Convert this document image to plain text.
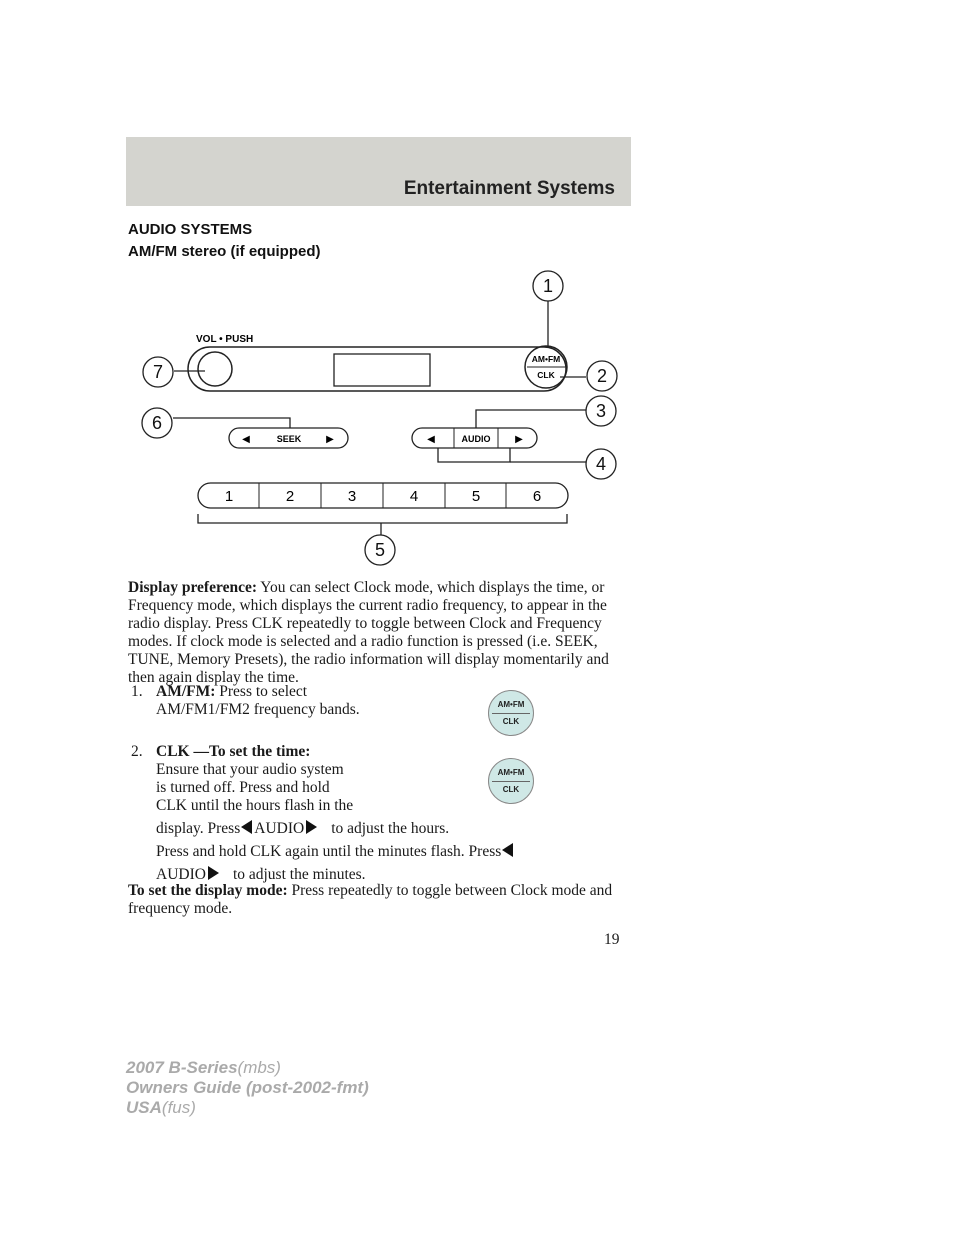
Entertainment Systems
AUDIO SYSTEMS
AM/FM stereo (if equipped)
VOL • PUSH
AM•FM
CLK
◀	SEEK ▶	◀	AUDIO ▶
1	2	3	4	5	6
1
2
3
4
5
6
7
Display preference: You can select Clock mode, which displays the time, or Frequency mode, which displays the current radio frequency, to appear in the radio display. Press CLK repeatedly to toggle between Clock and Frequency modes. If clock mode is selected and a radio function is pressed (i.e. SEEK, TUNE, Memory Presets), the radio information will display momentarily and then again display the time.
1. AM/FM: Press to select
AM/FM1/FM2 frequency bands.	AM•FM
CLK
2. CLK —To set the time:
Ensure that your audio system
is turned off. Press and hold
CLK until the hours flash in the
display. Press AUDIO to adjust the hours.
Press and hold CLK again until the minutes flash. Press
AUDIO to adjust the minutes.
AM•FM
CLK
To set the display mode: Press repeatedly to toggle between Clock mode and frequency mode.
19
2007 B-Series(mbs)
Owners Guide (post-2002-fmt)
USA(fus)
